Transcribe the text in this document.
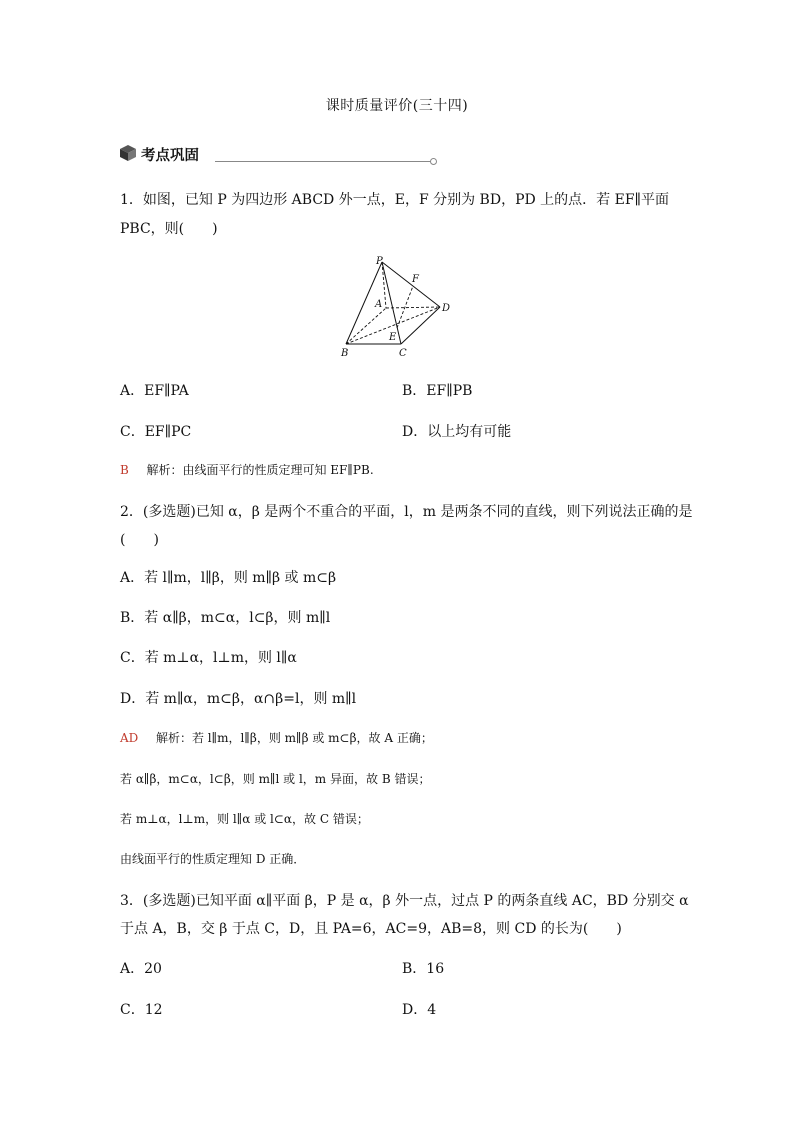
课时质量评价(三十四)
考点巩固
1．如图，已知 P 为四边形 ABCD 外一点，E，F 分别为 BD，PD 上的点．若 EF∥平面
PBC，则(　　)
P
F
A	D
E
B	C
A．EF∥PA	B．EF∥PB
C．EF∥PC	D．以上均有可能
B 解析：由线面平行的性质定理可知 EF∥PB.
2．(多选题)已知 α，β 是两个不重合的平面，l，m 是两条不同的直线，则下列说法正确的是
(　　)
A．若 l∥m，l∥β，则 m∥β 或 m⊂β
B．若 α∥β，m⊂α，l⊂β，则 m∥l
C．若 m⊥α，l⊥m，则 l∥α
D．若 m∥α，m⊂β，α∩β=l，则 m∥l
AD 解析：若 l∥m，l∥β，则 m∥β 或 m⊂β，故 A 正确；
若 α∥β，m⊂α，l⊂β，则 m∥l 或 l，m 异面，故 B 错误；
若 m⊥α，l⊥m，则 l∥α 或 l⊂α，故 C 错误；
由线面平行的性质定理知 D 正确．
3．(多选题)已知平面 α∥平面 β，P 是 α，β 外一点，过点 P 的两条直线 AC，BD 分别交 α
于点 A，B，交 β 于点 C，D，且 PA=6，AC=9，AB=8，则 CD 的长为(　　)
A．20	B．16
C．12	D．4
